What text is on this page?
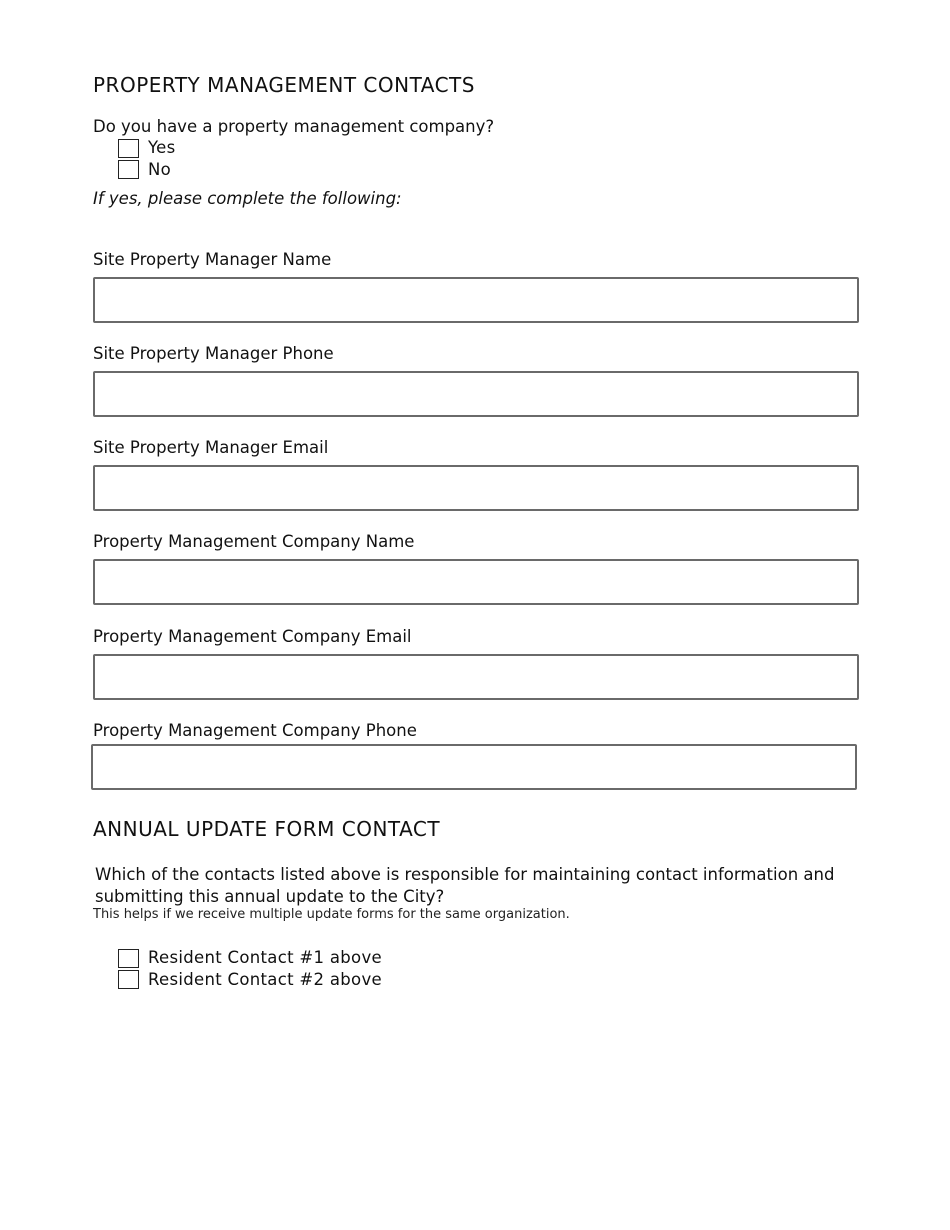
PROPERTY MANAGEMENT CONTACTS
Do you have a property management company?
Yes
No
If yes, please complete the following:
Site Property Manager Name
Site Property Manager Phone
Site Property Manager Email
Property Management Company Name
Property Management Company Email
Property Management Company Phone
ANNUAL UPDATE FORM CONTACT
Which of the contacts listed above is responsible for maintaining contact information and submitting this annual update to the City?
This helps if we receive multiple update forms for the same organization.
Resident Contact #1 above
Resident Contact #2 above
